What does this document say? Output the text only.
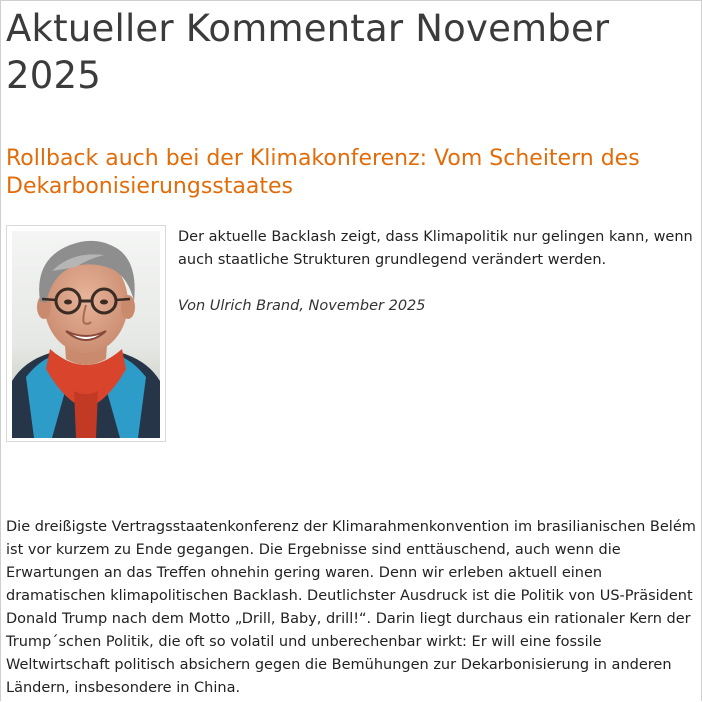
Aktueller Kommentar November 2025
Rollback auch bei der Klimakonferenz: Vom Scheitern des Dekarbonisierungsstaates

Der aktuelle Backlash zeigt, dass Klimapolitik nur gelingen kann, wenn auch staatliche Strukturen grundlegend verändert werden.

Von Ulrich Brand, November 2025

Die dreißigste Vertragsstaatenkonferenz der Klimarahmenkonvention im brasilianischen Belém ist vor kurzem zu Ende gegangen. Die Ergebnisse sind enttäuschend, auch wenn die Erwartungen an das Treffen ohnehin gering waren. Denn wir erleben aktuell einen dramatischen klimapolitischen Backlash. Deutlichster Ausdruck ist die Politik von US-Präsident Donald Trump nach dem Motto „Drill, Baby, drill!“. Darin liegt durchaus ein rationaler Kern der Trump´schen Politik, die oft so volatil und unberechenbar wirkt: Er will eine fossile Weltwirtschaft politisch absichern gegen die Bemühungen zur Dekarbonisierung in anderen Ländern, insbesondere in China.
